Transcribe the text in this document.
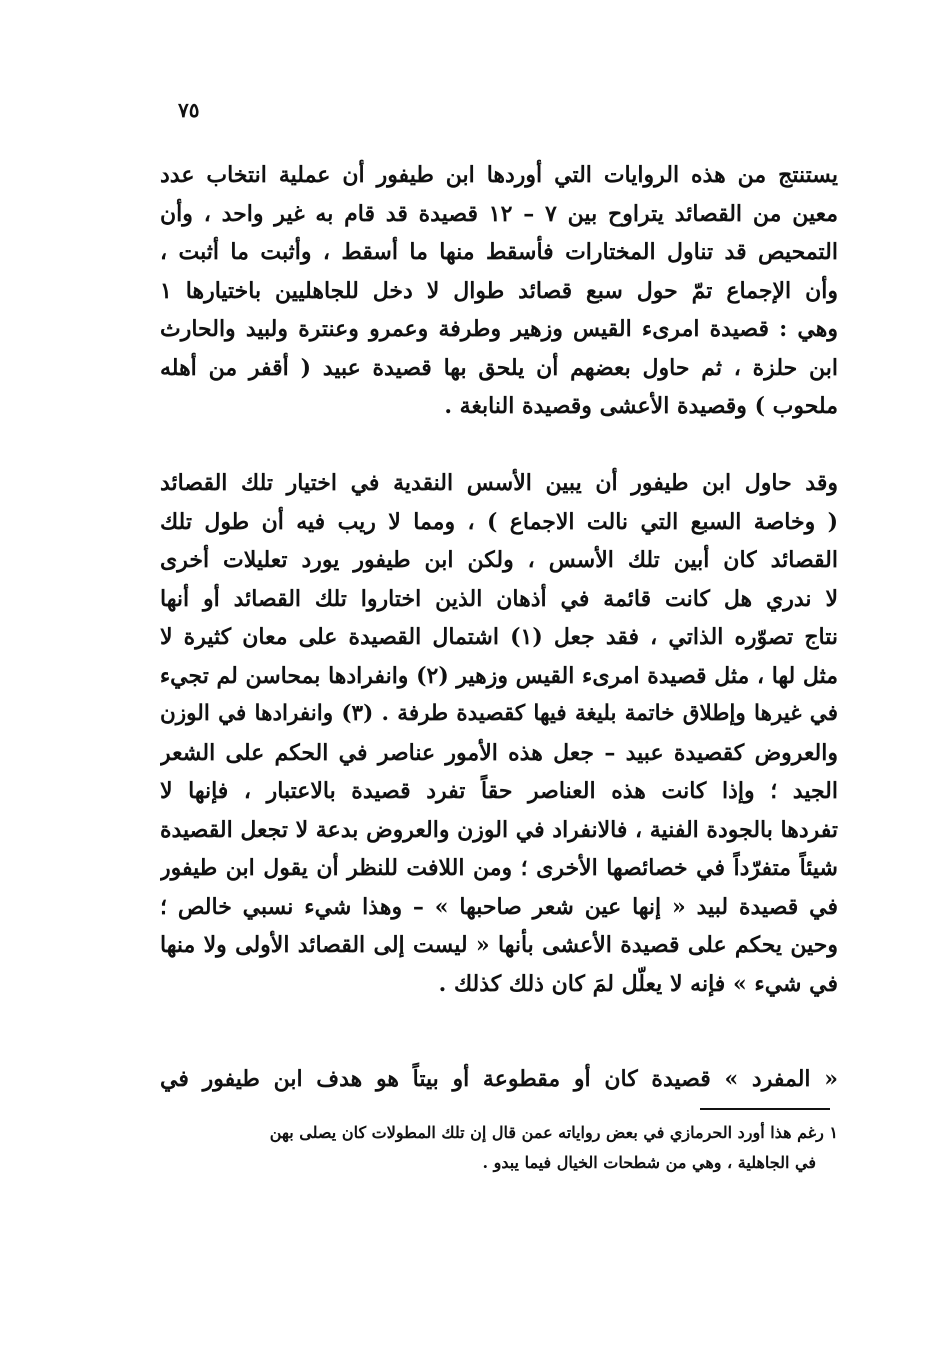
٧٥
يستنتج من هذه الروايات التي أوردها ابن طيفور أن عملية انتخاب عدد
معين من القصائد يتراوح بين ٧ – ١٢ قصيدة قد قام به غير واحد ، وأن
التمحيص قد تناول المختارات فأسقط منها ما أسقط ، وأثبت ما أثبت ،
وأن الإجماع تمّ حول سبع قصائد طوال لا دخل للجاهليين باختيارها ١
وهي : قصيدة امرىء القيس وزهير وطرفة وعمرو وعنترة ولبيد والحارث
ابن حلزة ، ثم حاول بعضهم أن يلحق بها قصيدة عبيد ( أقفر من أهله
ملحوب ) وقصيدة الأعشى وقصيدة النابغة .
وقد حاول ابن طيفور أن يبين الأسس النقدية في اختيار تلك القصائد
( وخاصة السبع التي نالت الاجماع ) ، ومما لا ريب فيه أن طول تلك
القصائد كان أبين تلك الأسس ، ولكن ابن طيفور يورد تعليلات أخرى
لا ندري هل كانت قائمة في أذهان الذين اختاروا تلك القصائد أو أنها
نتاج تصوّره الذاتي ، فقد جعل (١) اشتمال القصيدة على معان كثيرة لا
مثل لها ، مثل قصيدة امرىء القيس وزهير (٢) وانفرادها بمحاسن لم تجيء
في غيرها وإطلاق خاتمة بليغة فيها كقصيدة طرفة . (٣) وانفرادها في الوزن
والعروض كقصيدة عبيد – جعل هذه الأمور عناصر في الحكم على الشعر
الجيد ؛ وإذا كانت هذه العناصر حقاً تفرد قصيدة بالاعتبار ، فإنها لا
تفردها بالجودة الفنية ، فالانفراد في الوزن والعروض بدعة لا تجعل القصيدة
شيئاً متفرّداً في خصائصها الأخرى ؛ ومن اللافت للنظر أن يقول ابن طيفور
في قصيدة لبيد « إنها عين شعر صاحبها » – وهذا شيء نسبي خالص ؛
وحين يحكم على قصيدة الأعشى بأنها « ليست إلى القصائد الأولى ولا منها
في شيء » فإنه لا يعلّل لمَ كان ذلك كذلك .
« المفرد » قصيدة كان أو مقطوعة أو بيتاً هو هدف ابن طيفور في
١ رغم هذا أورد الحرمازي في بعض رواياته عمن قال إن تلك المطولات كان يصلى بهن
في الجاهلية ، وهي من شطحات الخيال فيما يبدو .
